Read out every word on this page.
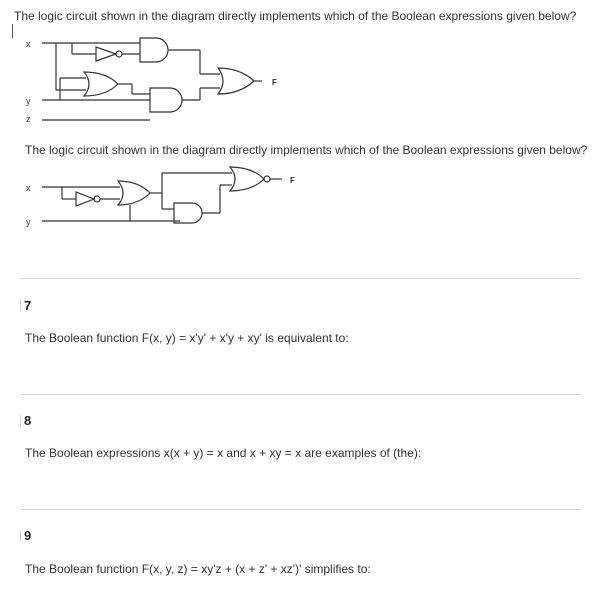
The logic circuit shown in the diagram directly implements which of the Boolean expressions given below?
x
y
z
F
The logic circuit shown in the diagram directly implements which of the Boolean expressions given below?
x
y
F
7
The Boolean function F(x, y) = x'y' + x'y + xy' is equivalent to:
8
The Boolean expressions x(x + y) = x and x + xy = x are examples of (the):
9
The Boolean function F(x, y, z) = xy'z + (x + z' + xz')' simplifies to:
